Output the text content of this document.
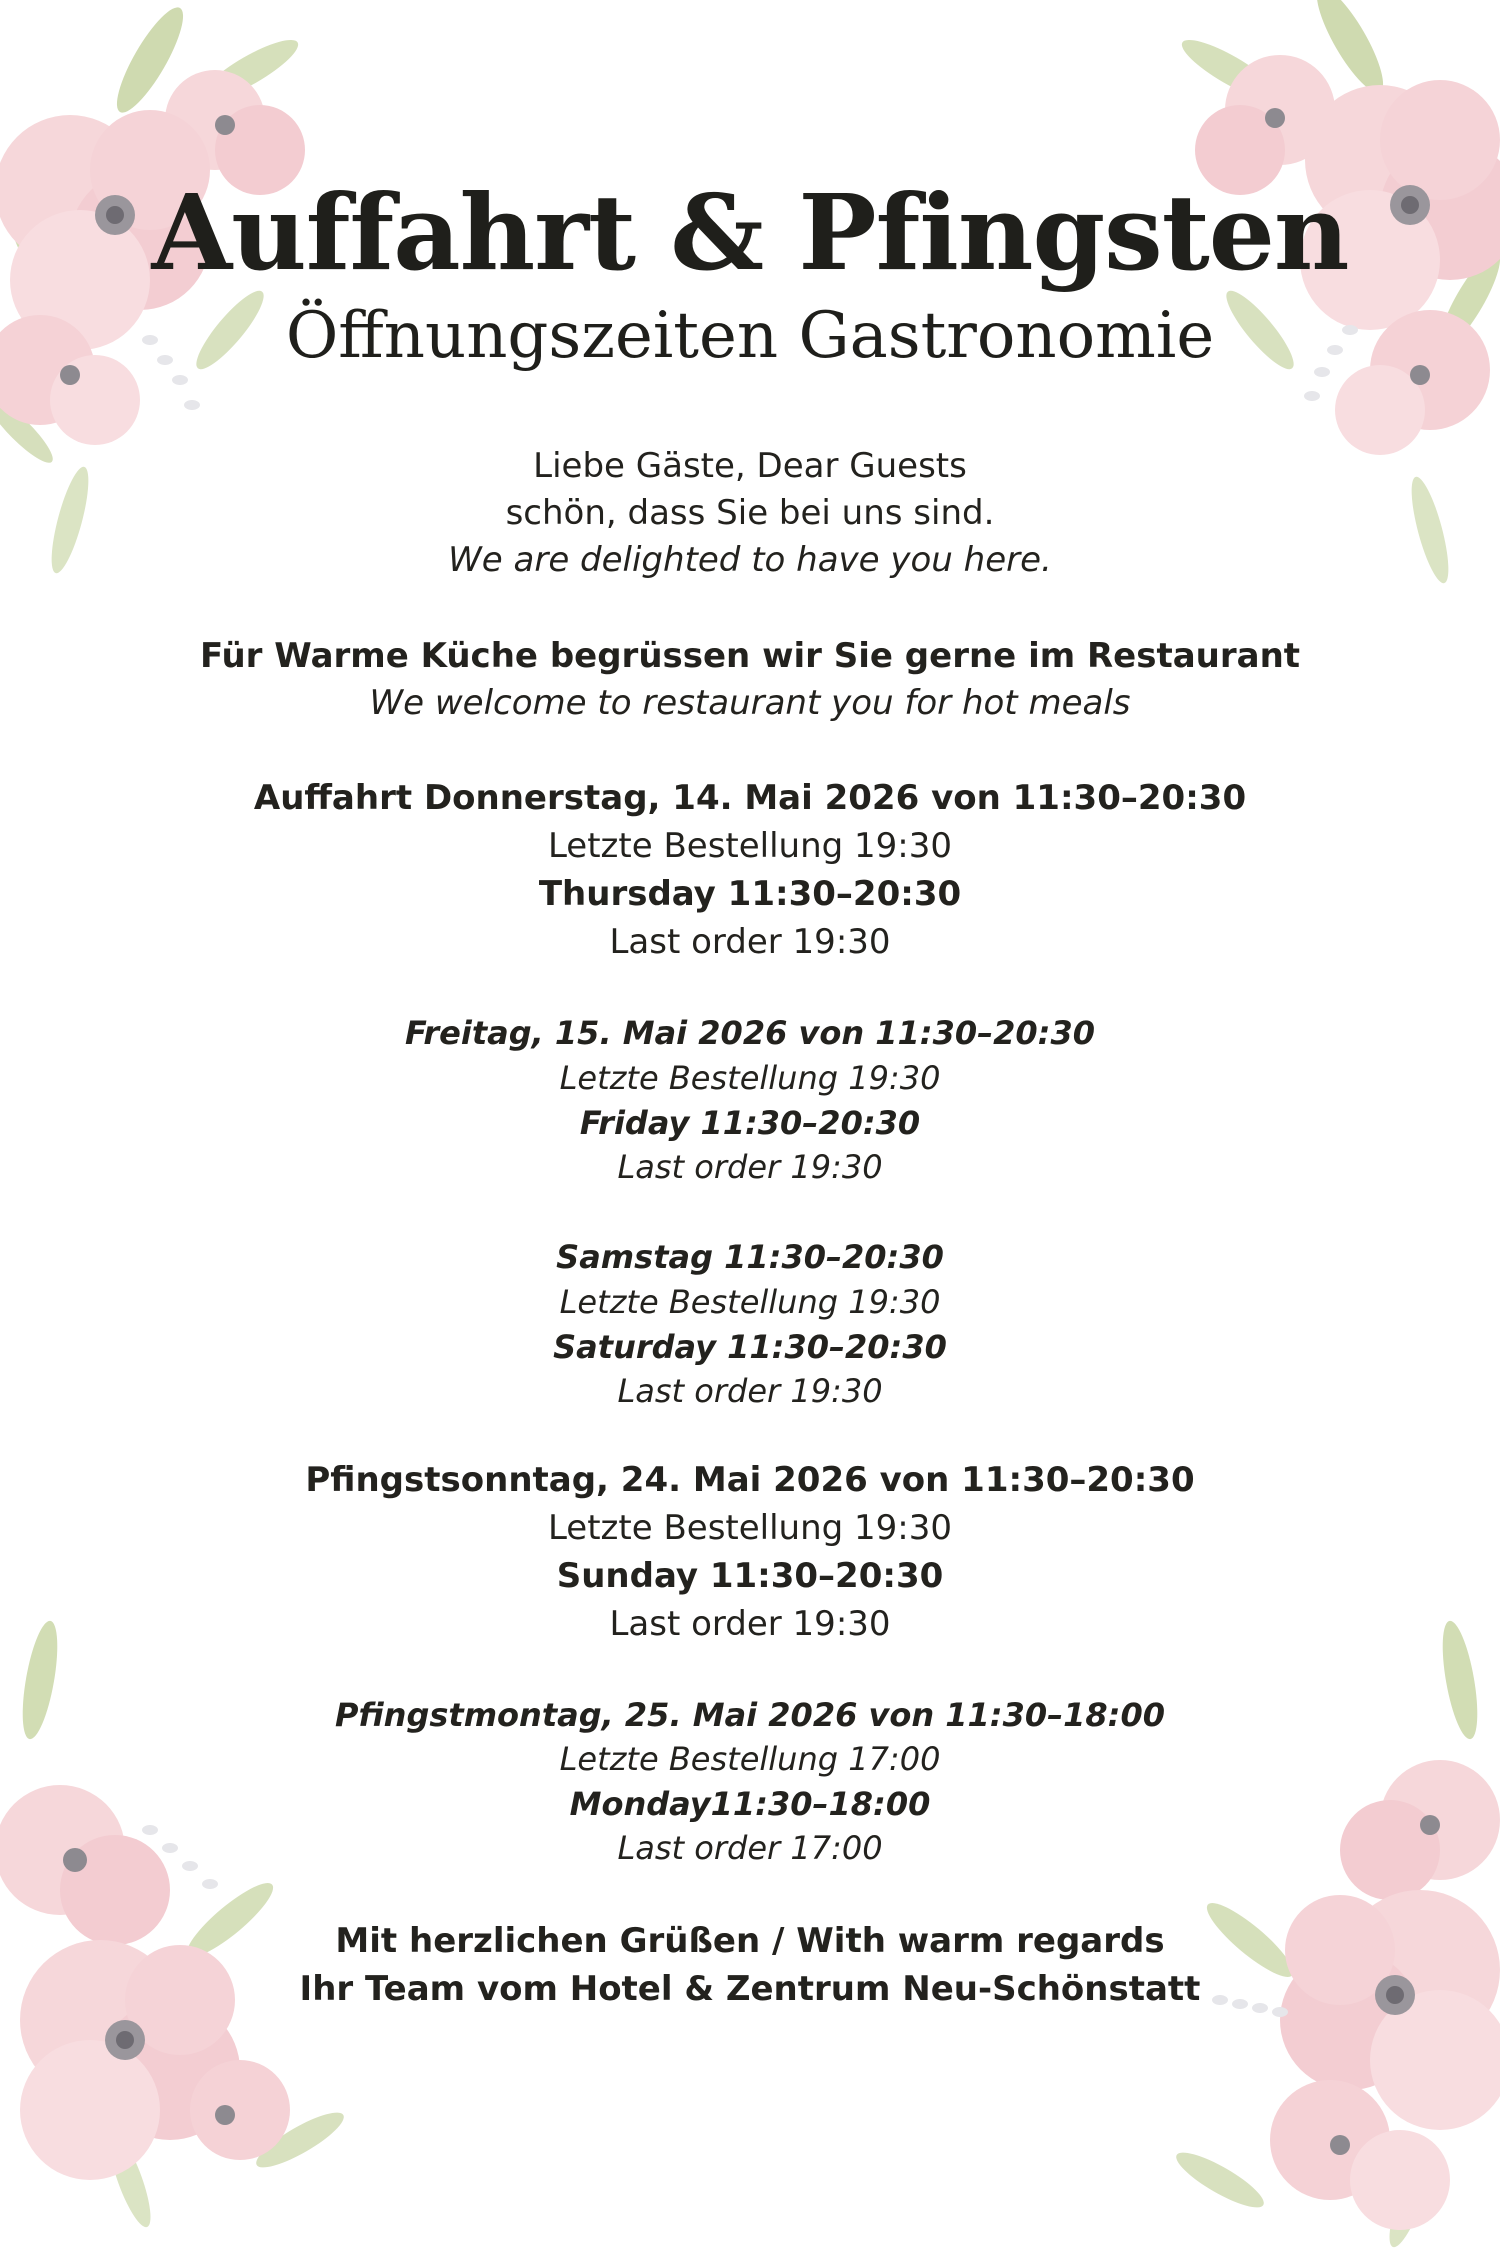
Auffahrt & Pfingsten
Öffnungszeiten Gastronomie
Liebe Gäste, Dear Guests
schön, dass Sie bei uns sind.
We are delighted to have you here.
Für Warme Küche begrüssen wir Sie gerne im Restaurant
We welcome to restaurant you for hot meals
Auffahrt Donnerstag, 14. Mai 2026 von 11:30–20:30
Letzte Bestellung 19:30
Thursday 11:30–20:30
Last order 19:30
Freitag, 15. Mai 2026 von 11:30–20:30
Letzte Bestellung 19:30
Friday 11:30–20:30
Last order 19:30
Samstag 11:30–20:30
Letzte Bestellung 19:30
Saturday 11:30–20:30
Last order 19:30
Pfingstsonntag, 24. Mai 2026 von 11:30–20:30
Letzte Bestellung 19:30
Sunday 11:30–20:30
Last order 19:30
Pfingstmontag, 25. Mai 2026 von 11:30–18:00
Letzte Bestellung 17:00
Monday11:30–18:00
Last order 17:00
Mit herzlichen Grüßen / With warm regards
Ihr Team vom Hotel & Zentrum Neu-Schönstatt
